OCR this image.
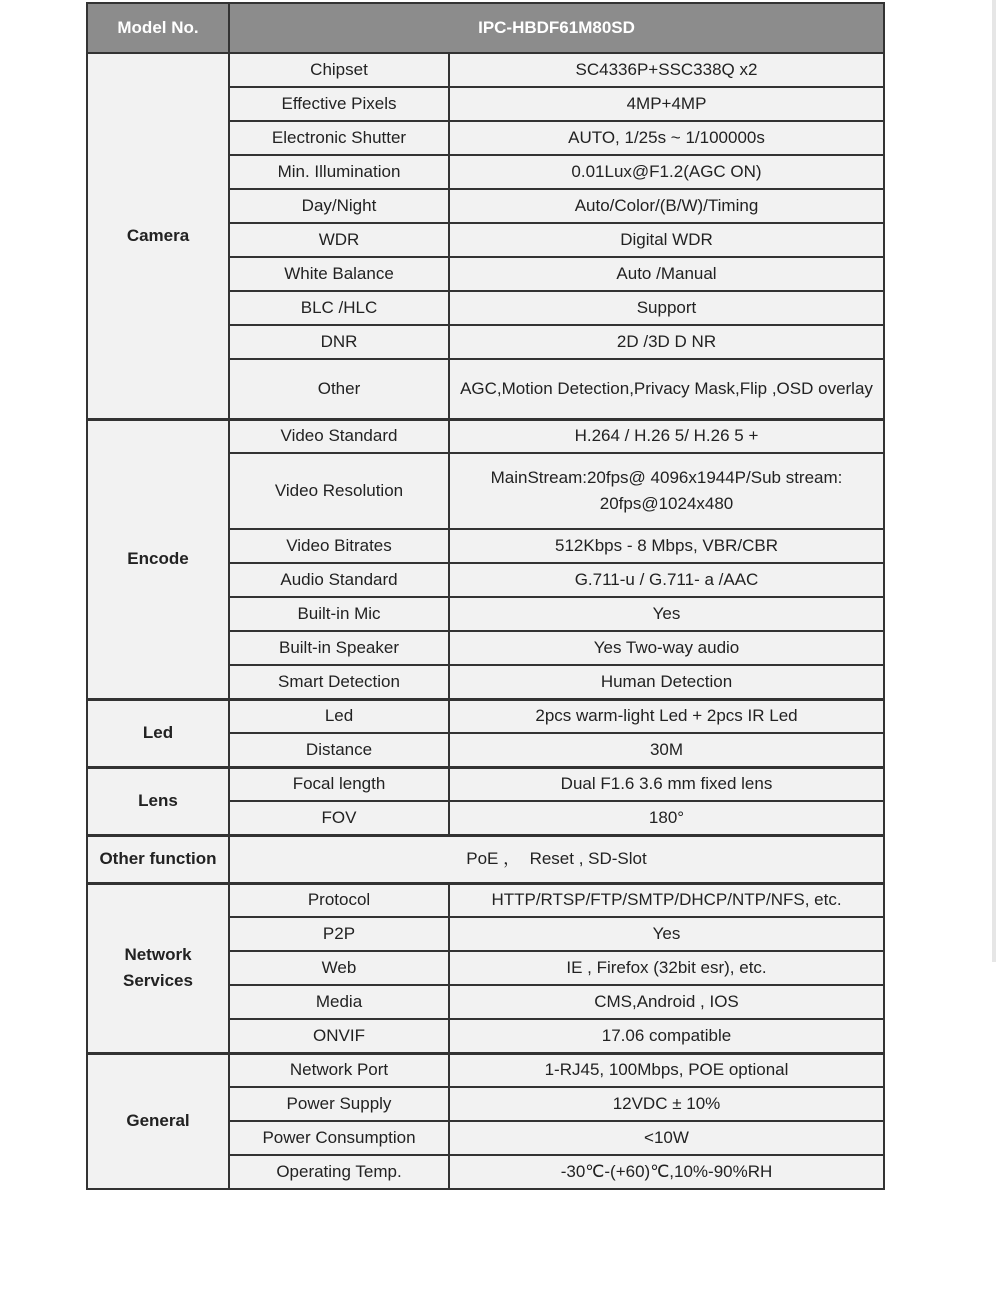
Model No.	IPC-HBDF61M80SD	
Camera	Chipset	SC4336P+SSC338Q x2
	Effective Pixels	4MP+4MP
	Electronic Shutter	AUTO, 1/25s ~ 1/100000s
	Min. Illumination	0.01Lux@F1.2(AGC ON)
	Day/Night	Auto/Color/(B/W)/Timing
	WDR	Digital WDR
	White Balance	Auto /Manual
	BLC /HLC	Support
	DNR	2D /3D D NR
	Other	AGC,Motion Detection,Privacy Mask,Flip ,OSD overlay
Encode	Video Standard	H.264 / H.26 5/ H.26 5 +
	Video Resolution	MainStream:20fps@ 4096x1944P/Sub stream: 20fps@1024x480
	Video Bitrates	512Kbps - 8 Mbps, VBR/CBR
	Audio Standard	G.711-u / G.711- a /AAC
	Built-in Mic	Yes
	Built-in Speaker	Yes Two-way audio
	Smart Detection	Human Detection
Led	Led	2pcs warm-light Led + 2pcs IR Led
	Distance	30M
Lens	Focal length	Dual F1.6 3.6 mm fixed lens
	FOV	180°
Other function	PoE ，  Reset , SD-Slot	
Network Services	Protocol	HTTP/RTSP/FTP/SMTP/DHCP/NTP/NFS, etc.
	P2P	Yes
	Web	IE , Firefox (32bit esr), etc.
	Media	CMS,Android , IOS
	ONVIF	17.06 compatible
General	Network Port	1-RJ45, 100Mbps, POE optional
	Power Supply	12VDC ± 10%
	Power Consumption	<10W
	Operating Temp.	-30℃-(+60)℃,10%-90%RH
